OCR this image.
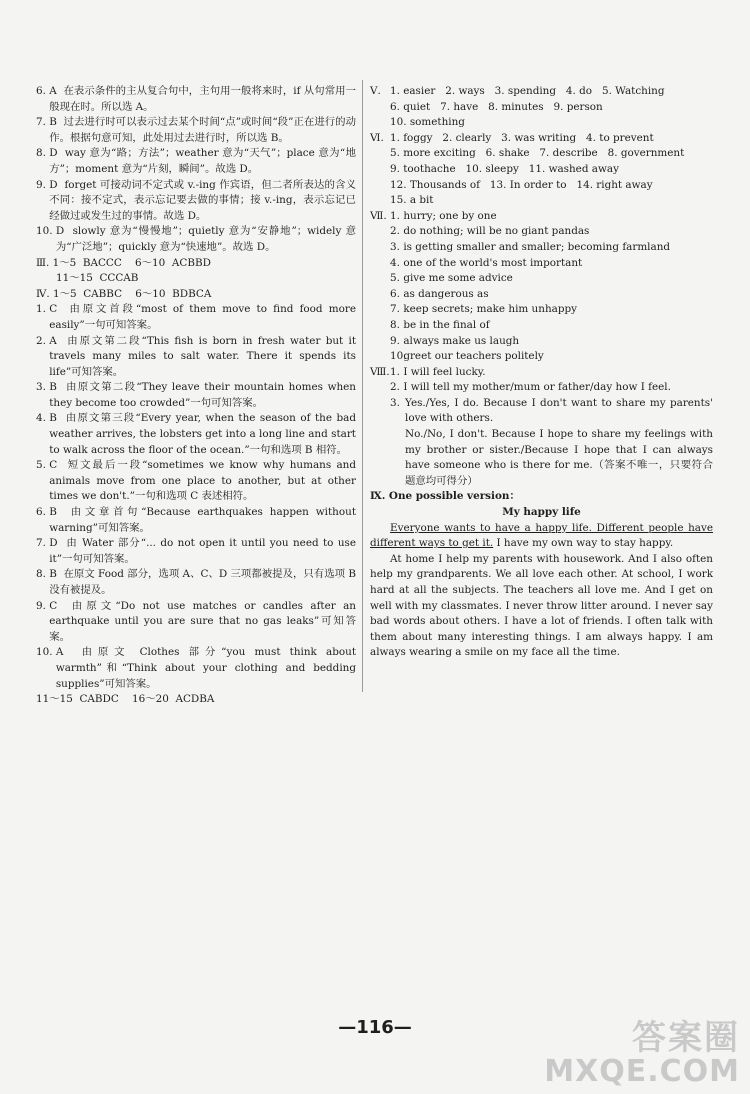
6. A  在表示条件的主从复合句中，主句用一般将来时，if 从句常用一般现在时。所以选 A。
7. B  过去进行时可以表示过去某个时间“点”或时间“段”正在进行的动作。根据句意可知，此处用过去进行时，所以选 B。
8. D  way 意为“路；方法”；weather 意为“天气”；place 意为“地方”；moment 意为“片刻，瞬间”。故选 D。
9. D  forget 可接动词不定式或 v.-ing 作宾语，但二者所表达的含义不同：接不定式，表示忘记要去做的事情；接 v.-ing，表示忘记已经做过或发生过的事情。故选 D。
10. D  slowly 意为“慢慢地”；quietly 意为“安静地”；widely 意为“广泛地”；quickly 意为“快速地”。故选 D。
Ⅲ. 1～5  BACCC    6～10  ACBBD
11～15  CCCAB
Ⅳ. 1～5  CABBC    6～10  BDBCA
1. C  由原文首段“most of them move to find food more easily”一句可知答案。
2. A  由原文第二段“This fish is born in fresh water but it travels many miles to salt water. There it spends its life”可知答案。
3. B  由原文第二段“They leave their mountain homes when they become too crowded”一句可知答案。
4. B  由原文第三段“Every year, when the season of the bad weather arrives, the lobsters get into a long line and start to walk across the floor of the ocean.”一句和选项 B 相符。
5. C  短文最后一段“sometimes we know why humans and animals move from one place to another, but at other times we don't.”一句和选项 C 表述相符。
6. B  由文章首句“Because earthquakes happen without warning”可知答案。
7. D  由 Water 部分“... do not open it until you need to use it”一句可知答案。
8. B  在原文 Food 部分，选项 A、C、D 三项都被提及，只有选项 B 没有被提及。
9. C  由原文“Do not use matches or candles after an earthquake until you are sure that no gas leaks”可知答案。
10. A  由原文 Clothes 部分“you must think about warmth”和“Think about your clothing and bedding supplies”可知答案。
11～15  CABDC    16～20  ACDBA
Ⅴ. 1. easier   2. ways   3. spending   4. do   5. Watching
6. quiet   7. have   8. minutes   9. person
10. something
Ⅵ. 1. foggy   2. clearly   3. was writing   4. to prevent
5. more exciting   6. shake   7. describe   8. government
9. toothache   10. sleepy   11. washed away
12. Thousands of   13. In order to   14. right away
15. a bit
Ⅶ. 1.
hurry; one by one
2.
do nothing; will be no giant pandas
3.
is getting smaller and smaller; becoming farmland
4.
one of the world's most important
5.
give me some advice
6.
as dangerous as
7.
keep secrets; make him unhappy
8.
be in the final of
9.
always make us laugh
10.

greet our teachers politely
Ⅷ. 1.
I will feel lucky.
2.
I will tell my mother/mum or father/day how I feel.
3. Yes./Yes, I do. Because I don't want to share my parents' love with others.
No./No, I don't. Because I hope to share my feelings with my brother or sister./Because I hope that I can always have someone who is there for me.（答案不唯一，只要符合题意均可得分）
Ⅸ. One possible version：
My happy life

Everyone wants to have a happy life. Different people have different ways to get it. I have my own way to stay happy.

At home I help my parents with housework. And I also often help my grandparents. We all love each other. At school, I work hard at all the subjects. The teachers all love me. And I get on well with my classmates. I never throw litter around. I never say bad words about others. I have a lot of friends. I often talk with them about many interesting things. I am always happy. I am always wearing a smile on my face all the time.

—116—	答案圈
MXQE.COM
